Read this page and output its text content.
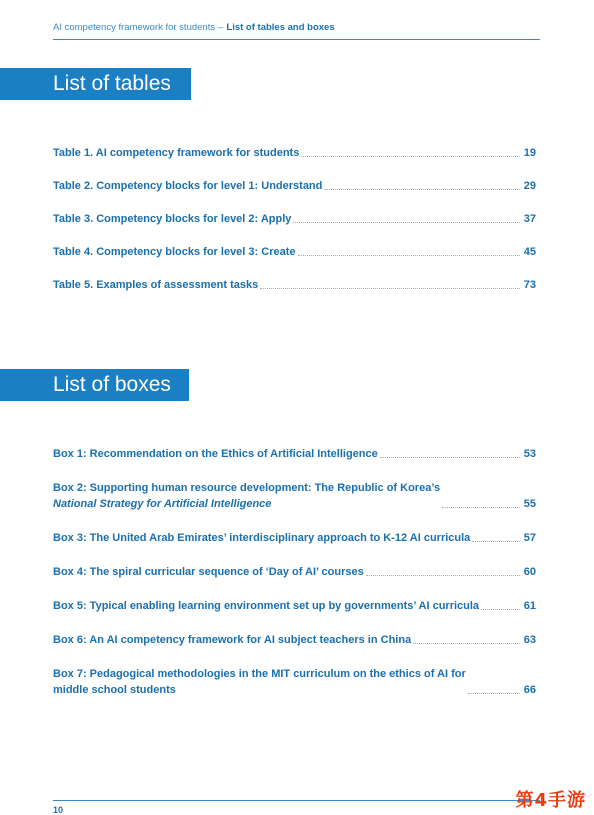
AI competency framework for students – List of tables and boxes
List of tables
Table 1. AI competency framework for students	19
Table 2. Competency blocks for level 1: Understand	29
Table 3. Competency blocks for level 2: Apply	37
Table 4. Competency blocks for level 3: Create	45
Table 5. Examples of assessment tasks	73
List of boxes
Box 1: Recommendation on the Ethics of Artificial Intelligence	53
Box 2: Supporting human resource development: The Republic of Korea’s
National Strategy for Artificial Intelligence	55
Box 3: The United Arab Emirates’ interdisciplinary approach to K-12 AI curricula	57
Box 4: The spiral curricular sequence of ‘Day of AI’ courses	60
Box 5: Typical enabling learning environment set up by governments’ AI curricula	61
Box 6: An AI competency framework for AI subject teachers in China	63
Box 7: Pedagogical methodologies in the MIT curriculum on the ethics of AI for
middle school students	66
10	第4手游
